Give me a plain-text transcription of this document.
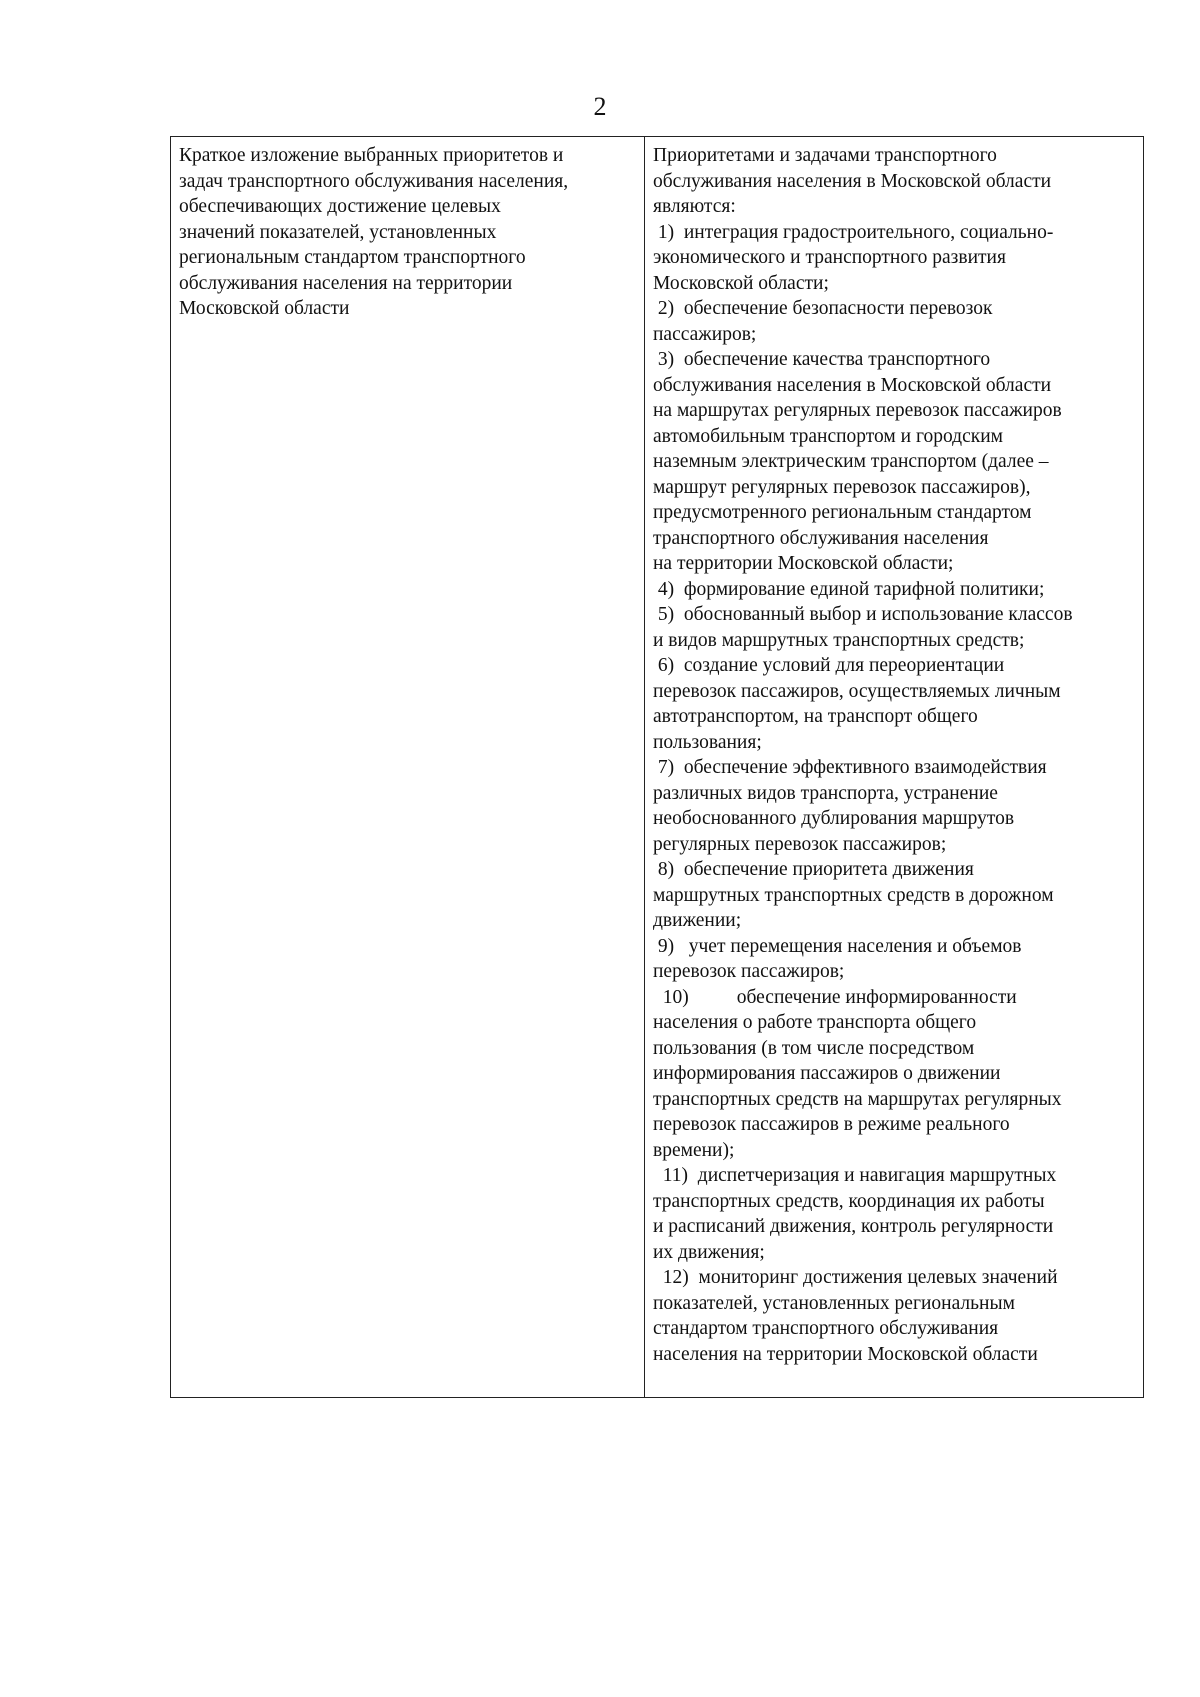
2
Краткое изложение выбранных приоритетов и
задач транспортного обслуживания населения,
обеспечивающих достижение целевых
значений показателей, установленных
региональным стандартом транспортного
обслуживания населения на территории
Московской области
Приоритетами и задачами транспортного
обслуживания населения в Московской области
являются:
1) интеграция градостроительного, социально-
экономического и транспортного развития
Московской области;
2) обеспечение безопасности перевозок
пассажиров;
3) обеспечение качества транспортного
обслуживания населения в Московской области
на маршрутах регулярных перевозок пассажиров
автомобильным транспортом и городским
наземным электрическим транспортом (далее –
маршрут регулярных перевозок пассажиров),
предусмотренного региональным стандартом
транспортного обслуживания населения
на территории Московской области;
4) формирование единой тарифной политики;
5) обоснованный выбор и использование классов
и видов маршрутных транспортных средств;
6) создание условий для переориентации
перевозок пассажиров, осуществляемых личным
автотранспортом, на транспорт общего
пользования;
7) обеспечение эффективного взаимодействия
различных видов транспорта, устранение
необоснованного дублирования маршрутов
регулярных перевозок пассажиров;
8) обеспечение приоритета движения
маршрутных транспортных средств в дорожном
движении;
9) учет перемещения населения и объемов
перевозок пассажиров;
10) обеспечение информированности
населения о работе транспорта общего
пользования (в том числе посредством
информирования пассажиров о движении
транспортных средств на маршрутах регулярных
перевозок пассажиров в режиме реального
времени);
11) диспетчеризация и навигация маршрутных
транспортных средств, координация их работы
и расписаний движения, контроль регулярности
их движения;
12) мониторинг достижения целевых значений
показателей, установленных региональным
стандартом транспортного обслуживания
населения на территории Московской области
